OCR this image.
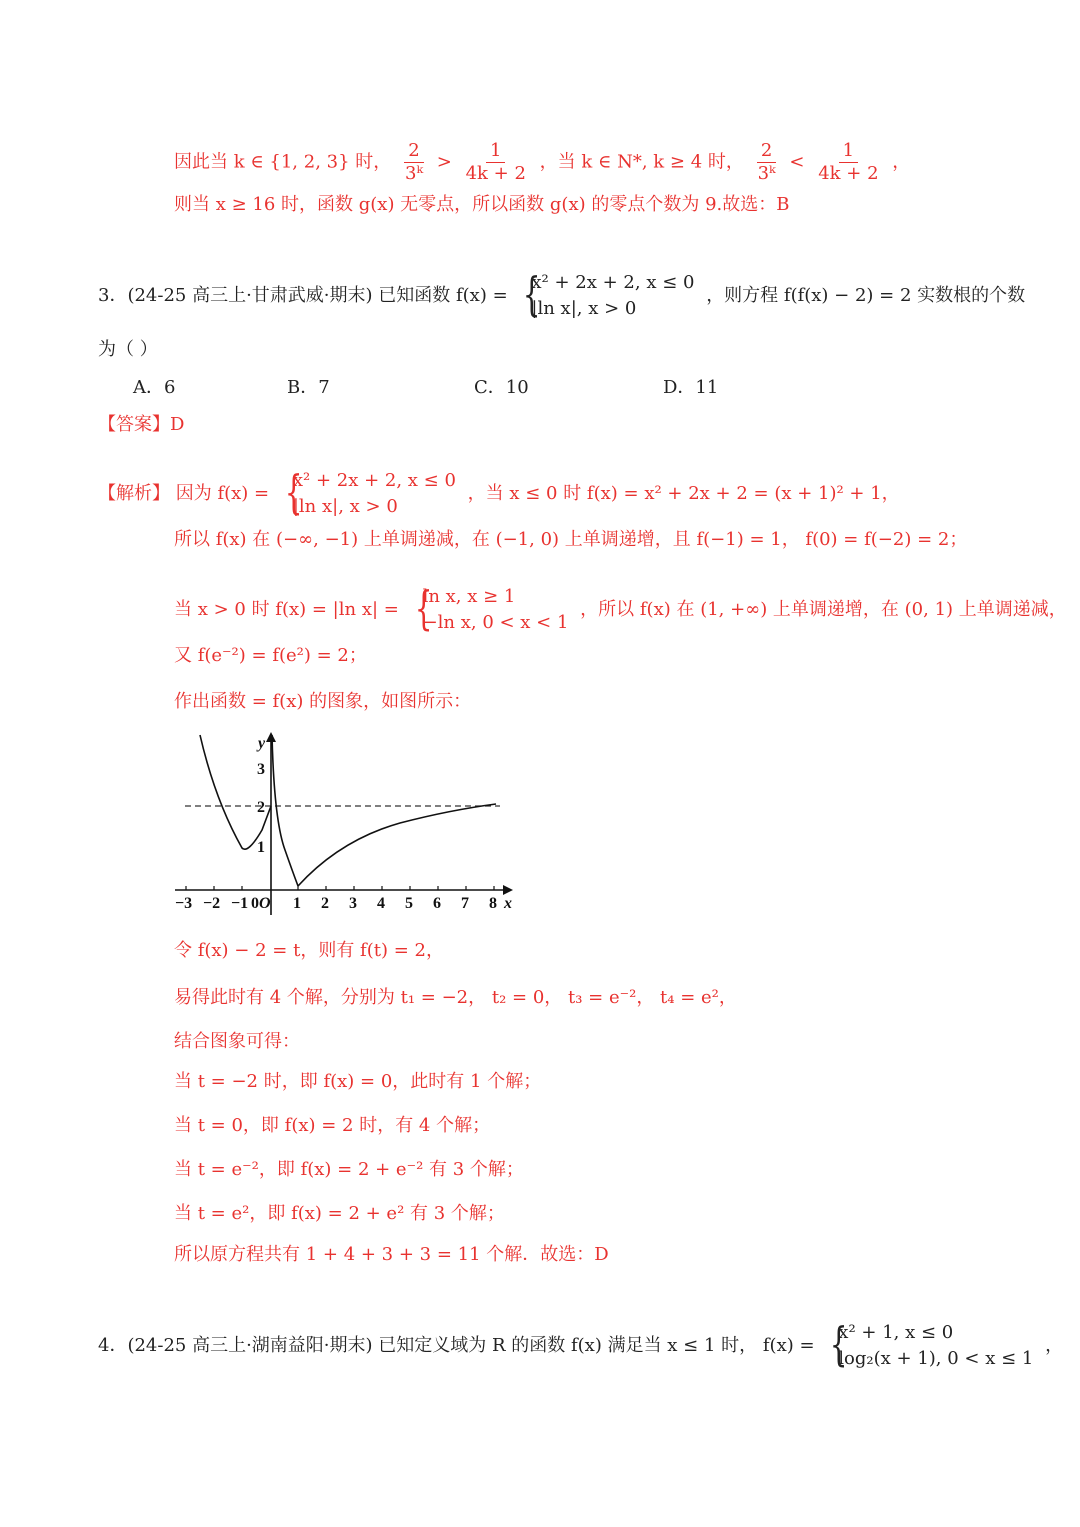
因此当 k ∈ {1, 2, 3} 时， $\frac{2}{\text{3ᵏ}} > \frac{1}{4k + 2}$ ，当 k ∈ N*, k ≥ 4 时， $\frac{2}{\text{3ᵏ}} < \frac{1}{4k + 2}$ ，
则当 x ≥ 16 时，函数 g(x) 无零点，所以函数 g(x) 的零点个数为 9.故选：B
3．(24-25 高三上·甘肃武威·期末) 已知函数 f(x) =
{ x² + 2x + 2, x ≤ 0
|ln x|, x > 0
，则方程 f(f(x) − 2) = 2 实数根的个数
为（ ）
A．6	B．7	C．10	D．11
【答案】D
【解析】 因为 f(x) =
{ x² + 2x + 2, x ≤ 0
|ln x|, x > 0
，当 x ≤ 0 时 f(x) = x² + 2x + 2 = (x + 1)² + 1，
所以 f(x) 在 (−∞, −1) 上单调递减，在 (−1, 0) 上单调递增，且 f(−1) = 1， f(0) = f(−2) = 2；
当 x > 0 时 f(x) = |ln x| =
{ ln x, x ≥ 1
−ln x, 0 < x < 1
，所以 f(x) 在 (1, +∞) 上单调递增，在 (0, 1) 上单调递减，
又 f(e⁻²) = f(e²) = 2；
作出函数 = f(x) 的图象，如图所示：
y
x
3
2
1
−3 −2 −1 0 O 1 2 3 4 5 6 7 8
令 f(x) − 2 = t，则有 f(t) = 2，
易得此时有 4 个解，分别为 t₁ = −2， t₂ = 0， t₃ = e⁻²， t₄ = e²，
结合图象可得：
当 t = −2 时，即 f(x) = 0，此时有 1 个解；
当 t = 0，即 f(x) = 2 时，有 4 个解；
当 t = e⁻²，即 f(x) = 2 + e⁻² 有 3 个解；
当 t = e²，即 f(x) = 2 + e² 有 3 个解；
所以原方程共有 1 + 4 + 3 + 3 = 11 个解．故选：D
4．(24-25 高三上·湖南益阳·期末) 已知定义域为 R 的函数 f(x) 满足当 x ≤ 1 时， f(x) =
{ x² + 1, x ≤ 0
log₂(x + 1), 0 < x ≤ 1
，
